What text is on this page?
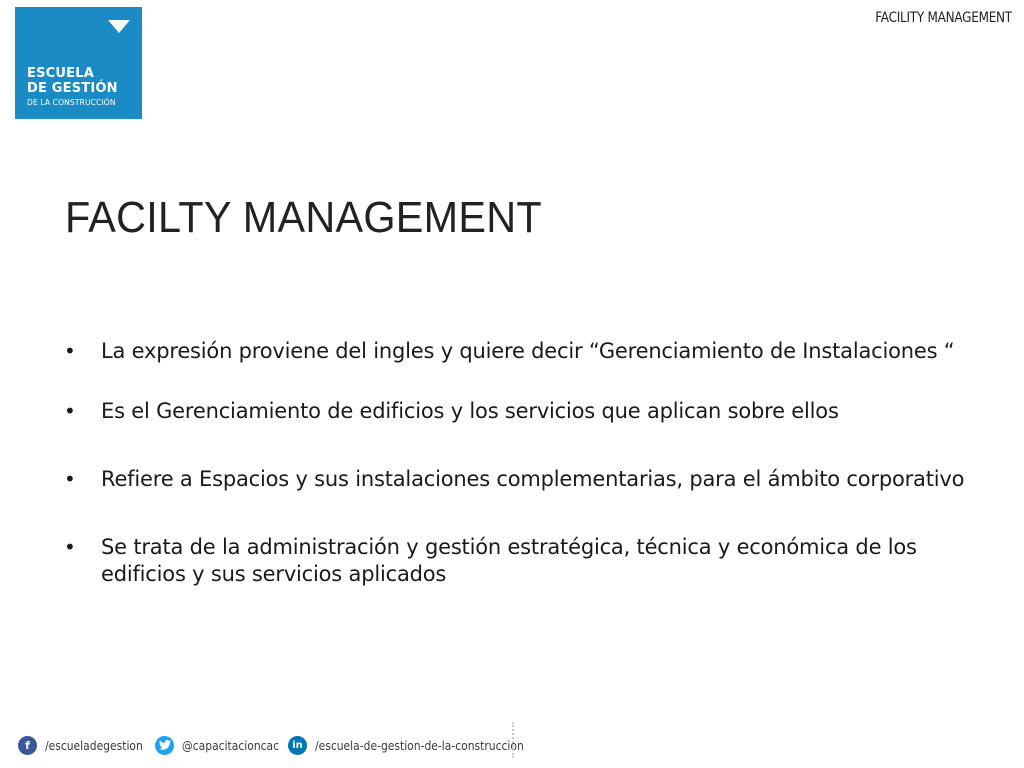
ESCUELA
DE GESTIÓN
DE LA CONSTRUCCIÓN
FACILITY MANAGEMENT
FACILTY MANAGEMENT
• La expresión proviene del ingles y quiere decir “Gerenciamiento de Instalaciones “
• Es el Gerenciamiento de edificios y los servicios que aplican sobre ellos
• Refiere a Espacios y sus instalaciones complementarias, para el ámbito corporativo
• Se trata de la administración y gestión estratégica, técnica y económica de los edificios y sus servicios aplicados
f	/escueladegestion	@capacitacioncac	in /escuela-de-gestion-de-la-construccion
